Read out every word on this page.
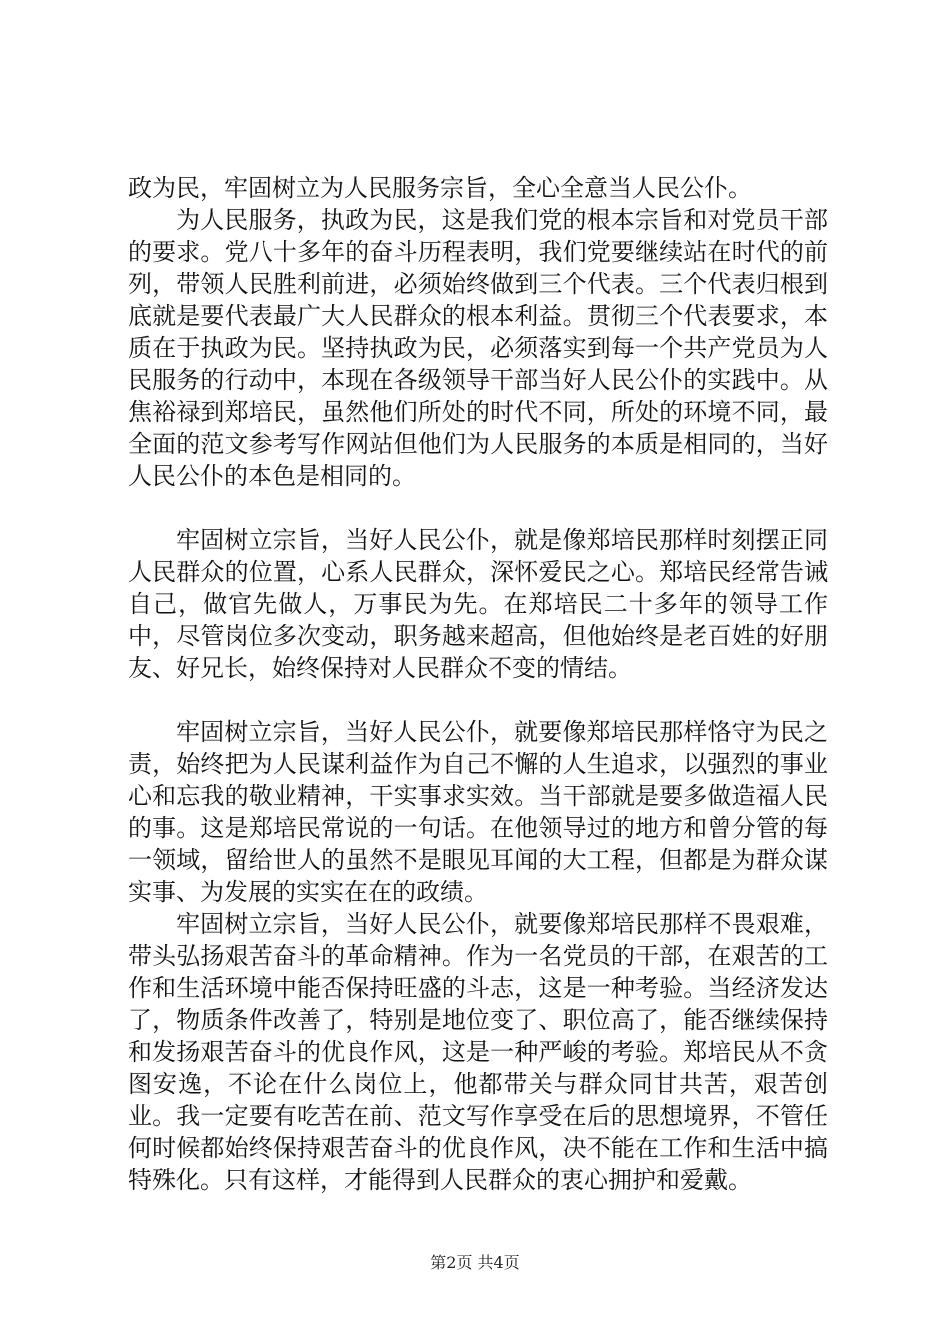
政为民，牢固树立为人民服务宗旨，全心全意当人民公仆。

为人民服务，执政为民，这是我们党的根本宗旨和对党员干部的要求。党八十多年的奋斗历程表明，我们党要继续站在时代的前列，带领人民胜利前进，必须始终做到三个代表。三个代表归根到底就是要代表最广大人民群众的根本利益。贯彻三个代表要求，本质在于执政为民。坚持执政为民，必须落实到每一个共产党员为人民服务的行动中，本现在各级领导干部当好人民公仆的实践中。从焦裕禄到郑培民，虽然他们所处的时代不同，所处的环境不同，最全面的范文参考写作网站但他们为人民服务的本质是相同的，当好人民公仆的本色是相同的。

牢固树立宗旨，当好人民公仆，就是像郑培民那样时刻摆正同人民群众的位置，心系人民群众，深怀爱民之心。郑培民经常告诫自己，做官先做人，万事民为先。在郑培民二十多年的领导工作中，尽管岗位多次变动，职务越来超高，但他始终是老百姓的好朋友、好兄长，始终保持对人民群众不变的情结。

牢固树立宗旨，当好人民公仆，就要像郑培民那样恪守为民之责，始终把为人民谋利益作为自己不懈的人生追求，以强烈的事业心和忘我的敬业精神，干实事求实效。当干部就是要多做造福人民的事。这是郑培民常说的一句话。在他领导过的地方和曾分管的每一领域，留给世人的虽然不是眼见耳闻的大工程，但都是为群众谋实事、为发展的实实在在的政绩。

牢固树立宗旨，当好人民公仆，就要像郑培民那样不畏艰难，带头弘扬艰苦奋斗的革命精神。作为一名党员的干部，在艰苦的工作和生活环境中能否保持旺盛的斗志，这是一种考验。当经济发达了，物质条件改善了，特别是地位变了、职位高了，能否继续保持和发扬艰苦奋斗的优良作风，这是一种严峻的考验。郑培民从不贪图安逸，不论在什么岗位上，他都带关与群众同甘共苦，艰苦创业。我一定要有吃苦在前、范文写作享受在后的思想境界，不管任何时候都始终保持艰苦奋斗的优良作风，决不能在工作和生活中搞特殊化。只有这样，才能得到人民群众的衷心拥护和爱戴。

第2页 共4页
